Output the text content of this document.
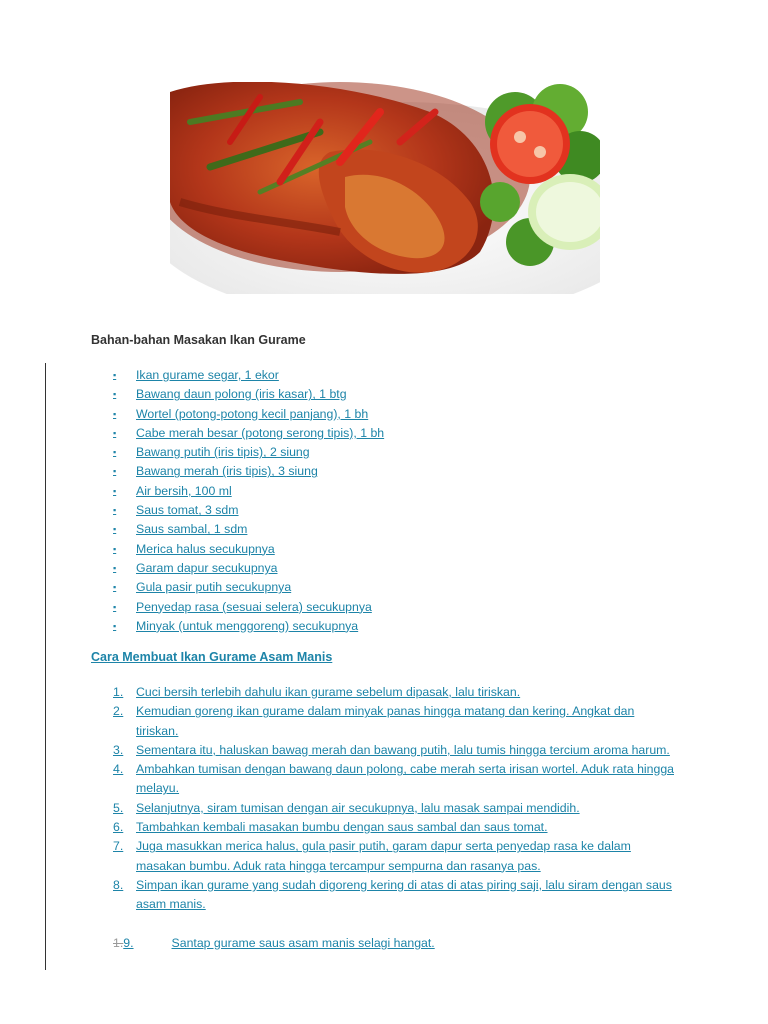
Bahan-bahan Masakan Ikan Gurame
▪ Ikan gurame segar, 1 ekor
▪ Bawang daun polong (iris kasar), 1 btg
▪ Wortel (potong-potong kecil panjang), 1 bh
▪ Cabe merah besar (potong serong tipis), 1 bh
▪ Bawang putih (iris tipis), 2 siung
▪ Bawang merah (iris tipis), 3 siung
▪ Air bersih, 100 ml
▪ Saus tomat, 3 sdm
▪ Saus sambal, 1 sdm
▪ Merica halus secukupnya
▪ Garam dapur secukupnya
▪ Gula pasir putih secukupnya
▪ Penyedap rasa (sesuai selera) secukupnya
▪ Minyak (untuk menggoreng) secukupnya
Cara Membuat Ikan Gurame Asam Manis
1. Cuci bersih terlebih dahulu ikan gurame sebelum dipasak, lalu tiriskan.
2. Kemudian goreng ikan gurame dalam minyak panas hingga matang dan kering. Angkat dan tiriskan.
3. Sementara itu, haluskan bawag merah dan bawang putih, lalu tumis hingga tercium aroma harum.
4. Ambahkan tumisan dengan bawang daun polong, cabe merah serta irisan wortel. Aduk rata hingga melayu.
5. Selanjutnya, siram tumisan dengan air secukupnya, lalu masak sampai mendidih.
6. Tambahkan kembali masakan bumbu dengan saus sambal dan saus tomat.
7. Juga masukkan merica halus, gula pasir putih, garam dapur serta penyedap rasa ke dalam masakan bumbu. Aduk rata hingga tercampur sempurna dan rasanya pas.
8. Simpan ikan gurame yang sudah digoreng kering di atas di atas piring saji, lalu siram dengan saus asam manis.
1.9.	Santap gurame saus asam manis selagi hangat.
